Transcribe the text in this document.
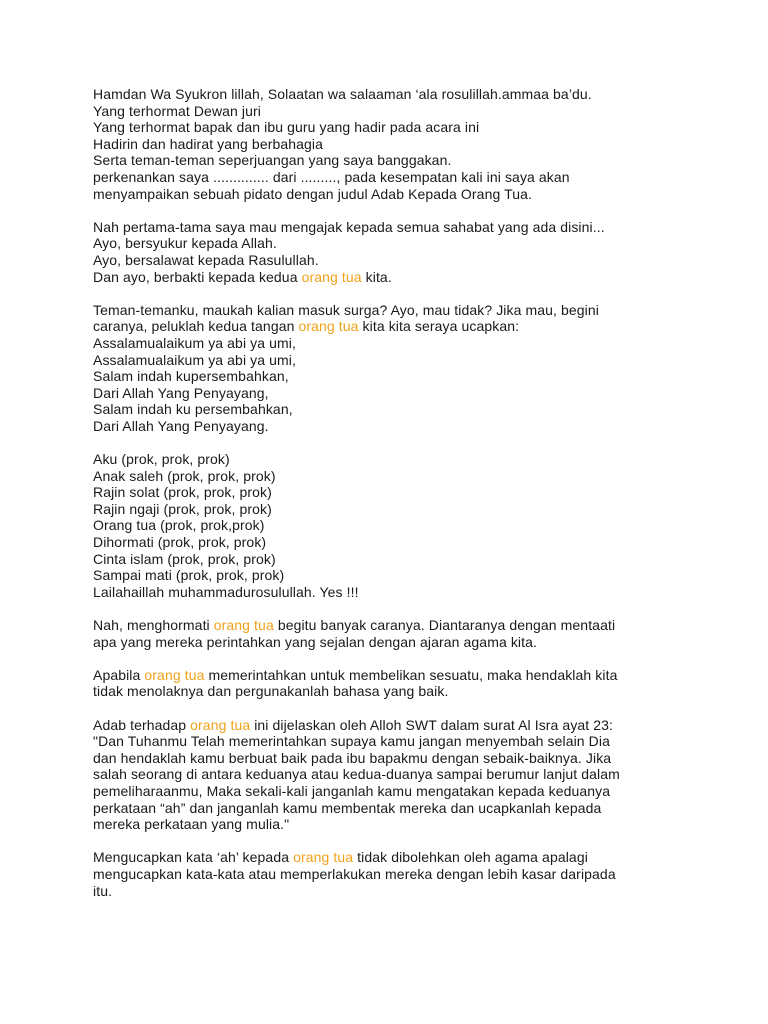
Hamdan Wa Syukron lillah, Solaatan wa salaaman ‘ala rosulillah.ammaa ba’du.
Yang terhormat Dewan juri
Yang terhormat bapak dan ibu guru yang hadir pada acara ini
Hadirin dan hadirat yang berbahagia
Serta teman-teman seperjuangan yang saya banggakan.
perkenankan saya .............. dari ........., pada kesempatan kali ini saya akan
menyampaikan sebuah pidato dengan judul Adab Kepada Orang Tua.
Nah pertama-tama saya mau mengajak kepada semua sahabat yang ada disini...
Ayo, bersyukur kepada Allah.
Ayo, bersalawat kepada Rasulullah.
Dan ayo, berbakti kepada kedua orang tua kita.
Teman-temanku, maukah kalian masuk surga? Ayo, mau tidak? Jika mau, begini
caranya, peluklah kedua tangan orang tua kita kita seraya ucapkan:
Assalamualaikum ya abi ya umi,
Assalamualaikum ya abi ya umi,
Salam indah kupersembahkan,
Dari Allah Yang Penyayang,
Salam indah ku persembahkan,
Dari Allah Yang Penyayang.
Aku (prok, prok, prok)
Anak saleh (prok, prok, prok)
Rajin solat (prok, prok, prok)
Rajin ngaji (prok, prok, prok)
Orang tua (prok, prok,prok)
Dihormati (prok, prok, prok)
Cinta islam (prok, prok, prok)
Sampai mati (prok, prok, prok)
Lailahaillah muhammadurosulullah. Yes !!!
Nah, menghormati orang tua begitu banyak caranya. Diantaranya dengan mentaati
apa yang mereka perintahkan yang sejalan dengan ajaran agama kita.
Apabila orang tua memerintahkan untuk membelikan sesuatu, maka hendaklah kita
tidak menolaknya dan pergunakanlah bahasa yang baik.
Adab terhadap orang tua ini dijelaskan oleh Alloh SWT dalam surat Al Isra ayat 23:
"Dan Tuhanmu Telah memerintahkan supaya kamu jangan menyembah selain Dia
dan hendaklah kamu berbuat baik pada ibu bapakmu dengan sebaik-baiknya. Jika
salah seorang di antara keduanya atau kedua-duanya sampai berumur lanjut dalam
pemeliharaanmu, Maka sekali-kali janganlah kamu mengatakan kepada keduanya
perkataan “ah” dan janganlah kamu membentak mereka dan ucapkanlah kepada
mereka perkataan yang mulia."
Mengucapkan kata ‘ah’ kepada orang tua tidak dibolehkan oleh agama apalagi
mengucapkan kata-kata atau memperlakukan mereka dengan lebih kasar daripada
itu.
